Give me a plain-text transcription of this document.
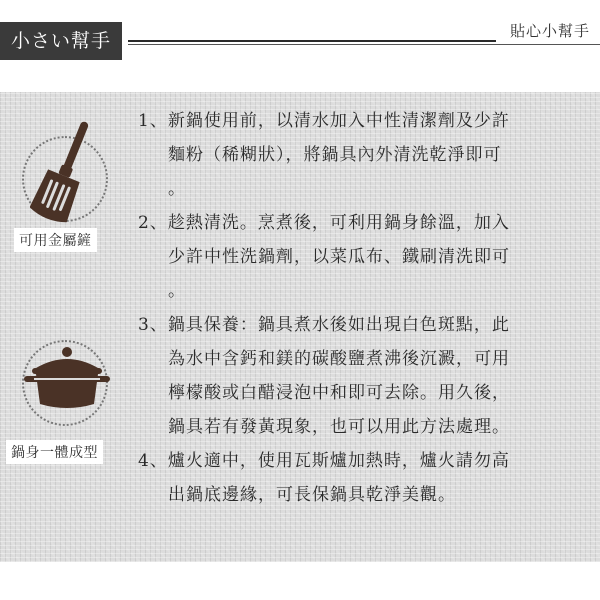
小さい幫手	貼心小幫手
可用金屬鏟
鍋身一體成型
1、新鍋使用前，以清水加入中性清潔劑及少許
麵粉（稀糊狀），將鍋具內外清洗乾淨即可
。
2、趁熱清洗。烹煮後，可利用鍋身餘溫，加入
少許中性洗鍋劑，以菜瓜布、鐵刷清洗即可
。
3、鍋具保養：鍋具煮水後如出現白色斑點，此
為水中含鈣和鎂的碳酸鹽煮沸後沉澱，可用
檸檬酸或白醋浸泡中和即可去除。用久後，
鍋具若有發黃現象，也可以用此方法處理。
4、爐火適中，使用瓦斯爐加熱時，爐火請勿高
出鍋底邊緣，可長保鍋具乾淨美觀。
